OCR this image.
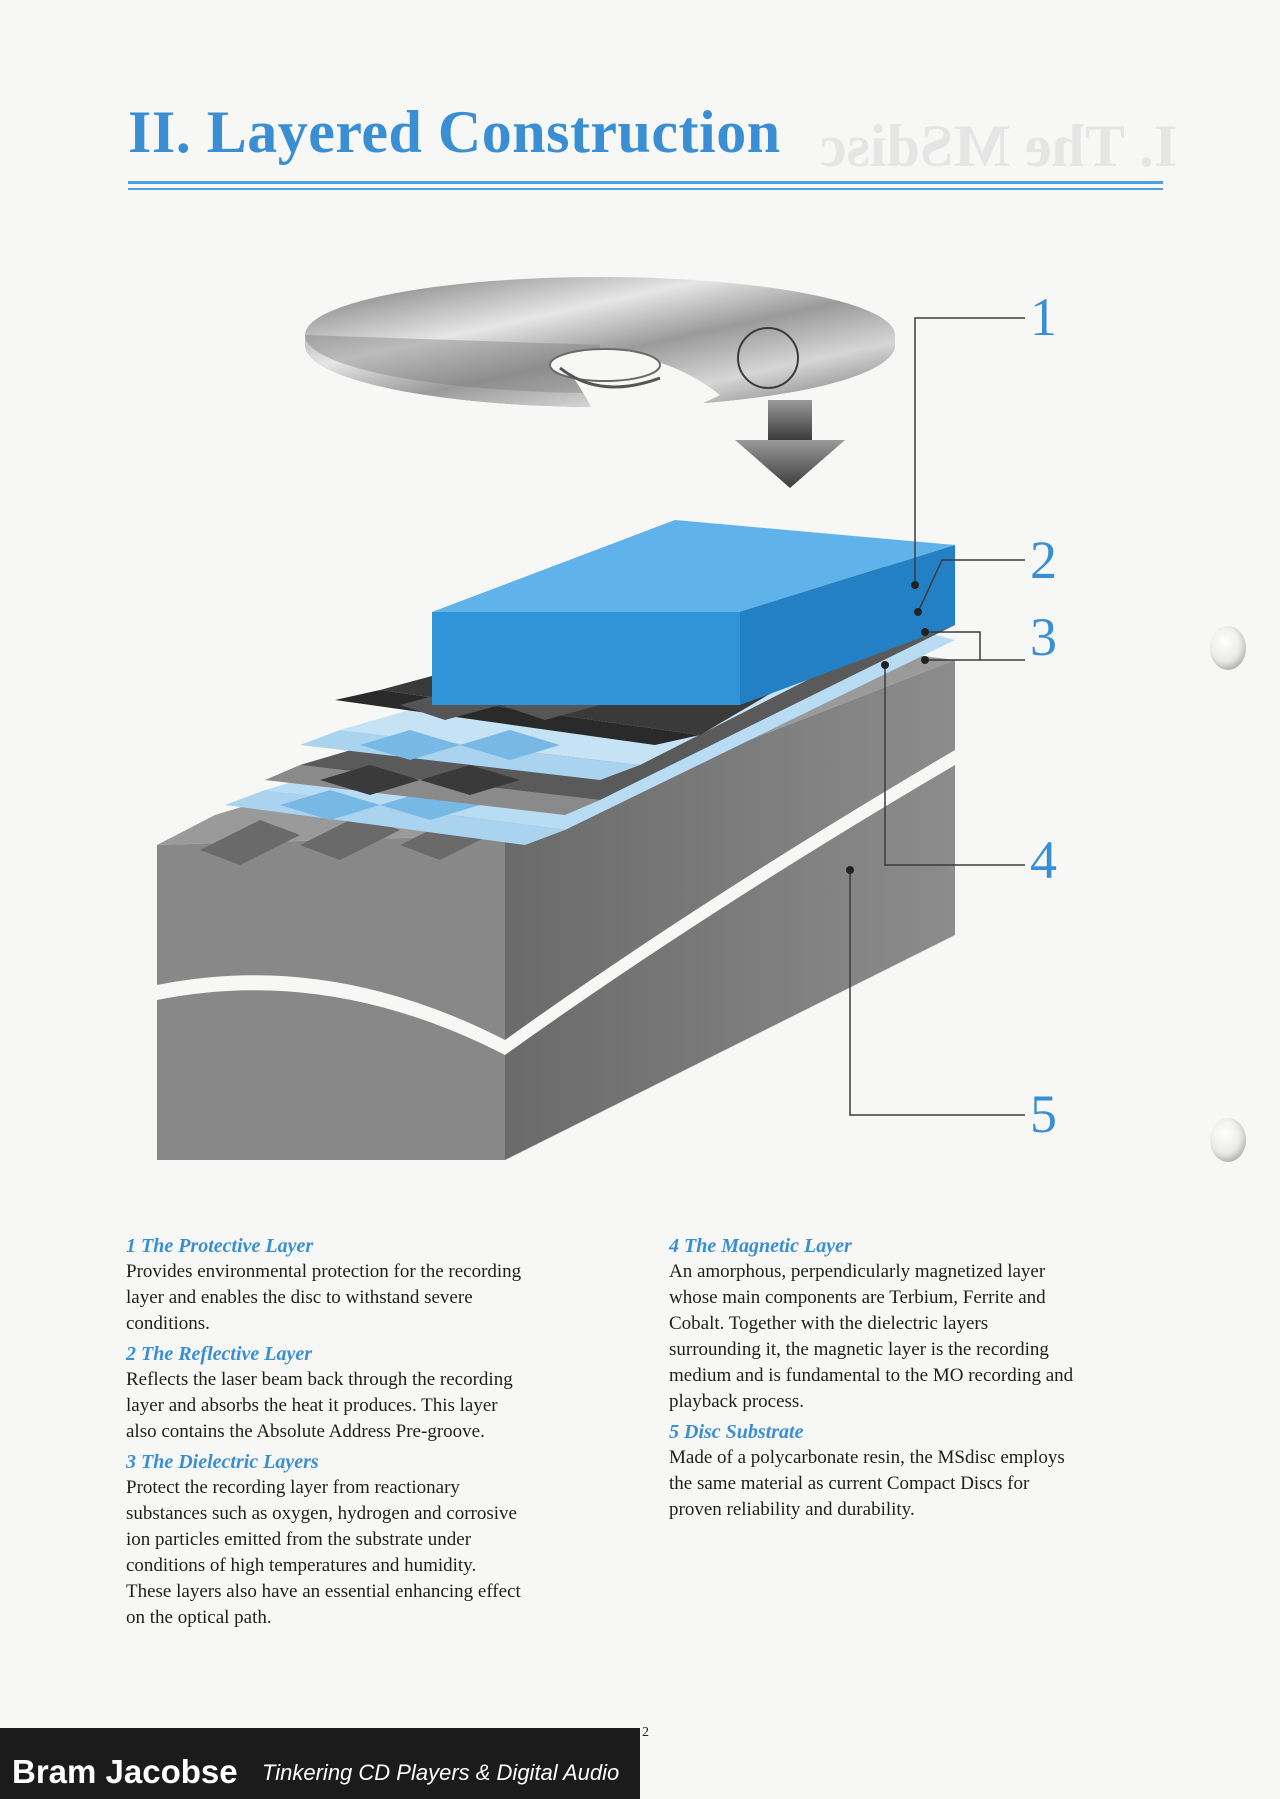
I. The MSdisc
II. Layered Construction
1
2
3
4
5
1 The Protective Layer

Provides environmental protection for the recording
layer and enables the disc to withstand severe
conditions.

2 The Reflective Layer

Reflects the laser beam back through the recording
layer and absorbs the heat it produces. This layer
also contains the Absolute Address Pre-groove.

3 The Dielectric Layers

Protect the recording layer from reactionary
substances such as oxygen, hydrogen and corrosive
ion particles emitted from the substrate under
conditions of high temperatures and humidity.
These layers also have an essential enhancing effect
on the optical path.

4 The Magnetic Layer

An amorphous, perpendicularly magnetized layer
whose main components are Terbium, Ferrite and
Cobalt. Together with the dielectric layers
surrounding it, the magnetic layer is the recording
medium and is fundamental to the MO recording and
playback process.

5 Disc Substrate

Made of a polycarbonate resin, the MSdisc employs
the same material as current Compact Discs for
proven reliability and durability.

2
Bram Jacobse Tinkering CD Players & Digital Audio
